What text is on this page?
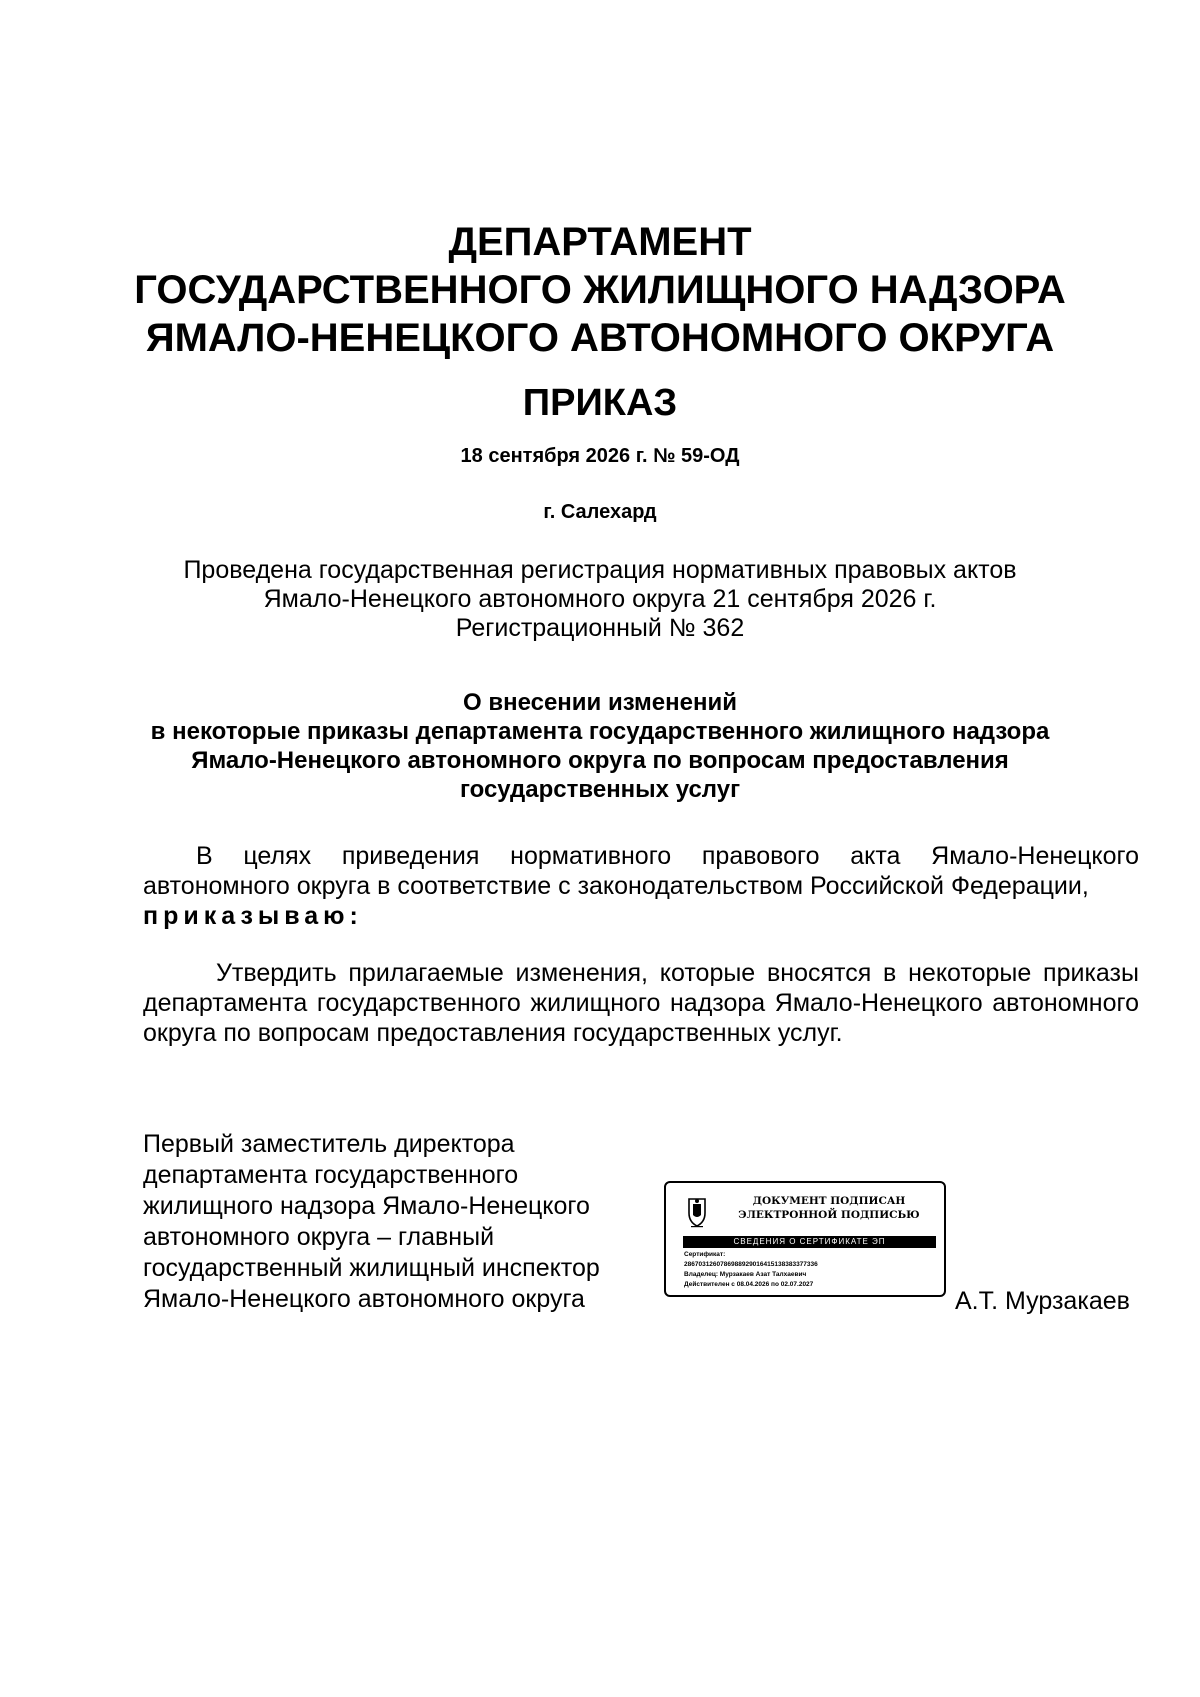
ДЕПАРТАМЕНТ
ГОСУДАРСТВЕННОГО ЖИЛИЩНОГО НАДЗОРА
ЯМАЛО-НЕНЕЦКОГО АВТОНОМНОГО ОКРУГА
ПРИКАЗ
18 сентября 2026 г. № 59-ОД
г. Салехард
Проведена государственная регистрация нормативных правовых актов
Ямало-Ненецкого автономного округа 21 сентября 2026 г.
Регистрационный № 362
О внесении изменений
в некоторые приказы департамента государственного жилищного надзора
Ямало-Ненецкого автономного округа по вопросам предоставления
государственных услуг
В целях приведения нормативного правового акта Ямало-Ненецкого автономного округа в соответствие с законодательством Российской Федерации,
приказываю:
Утвердить прилагаемые изменения, которые вносятся в некоторые приказы департамента государственного жилищного надзора Ямало-Ненецкого автономного округа по вопросам предоставления государственных услуг.
Первый заместитель директора
департамента государственного
жилищного надзора Ямало-Ненецкого
автономного округа – главный
государственный жилищный инспектор
Ямало-Ненецкого автономного округа
ДОКУМЕНТ ПОДПИСАН
ЭЛЕКТРОННОЙ ПОДПИСЬЮ
СВЕДЕНИЯ О СЕРТИФИКАТЕ ЭП
Сертификат:
2867031260786988929016415138383377336
Владелец: Мурзакаев Азат Талхаевич
Действителен с 08.04.2026 по 02.07.2027
А.Т. Мурзакаев
